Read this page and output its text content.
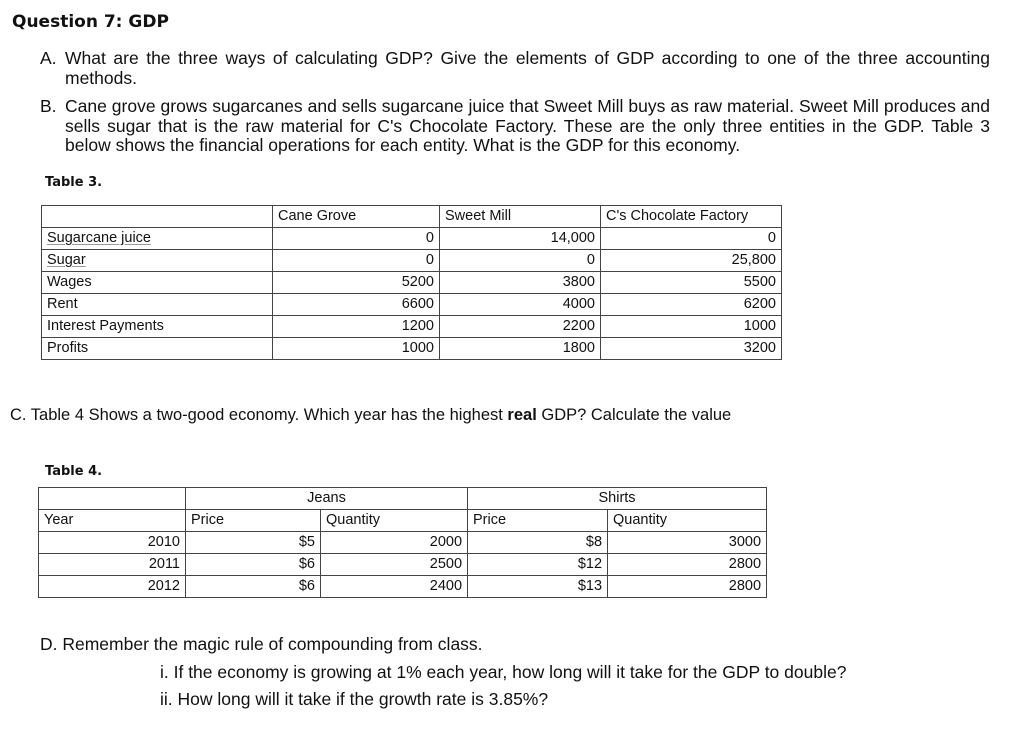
Question 7: GDP
A. What are the three ways of calculating GDP? Give the elements of GDP according to one of the three accounting methods.
B. Cane grove grows sugarcanes and sells sugarcane juice that Sweet Mill buys as raw material. Sweet Mill produces and sells sugar that is the raw material for C's Chocolate Factory. These are the only three entities in the GDP. Table 3 below shows the financial operations for each entity. What is the GDP for this economy.
Table 3.
	Cane Grove	Sweet Mill	C's Chocolate Factory
Sugarcane juice	0	14,000	0
Sugar	0	0	25,800
Wages	5200	3800	5500
Rent	6600	4000	6200
Interest Payments	1200	2200	1000
Profits	1000	1800	3200
C. Table 4 Shows a two-good economy. Which year has the highest real GDP? Calculate the value
Table 4.
	Jeans		Shirts	
Year	Price	Quantity	Price	Quantity
2010	$5	2000	$8	3000
2011	$6	2500	$12	2800
2012	$6	2400	$13	2800
D. Remember the magic rule of compounding from class.
i. If the economy is growing at 1% each year, how long will it take for the GDP to double?
ii. How long will it take if the growth rate is 3.85%?
